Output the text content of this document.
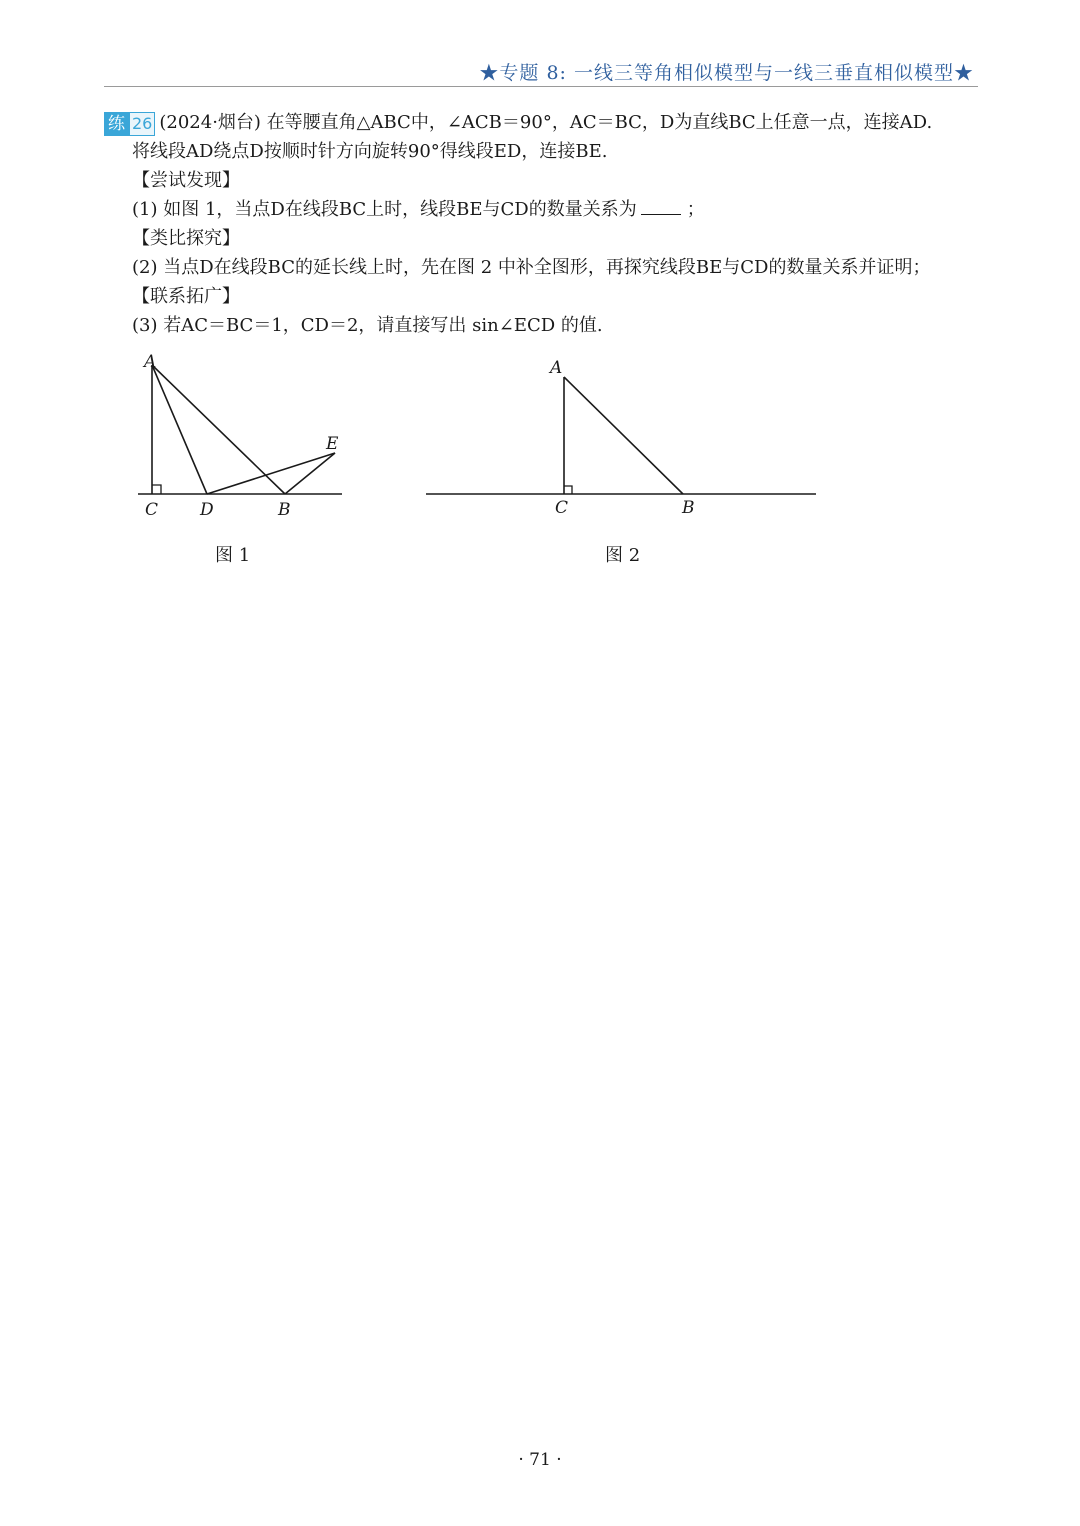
★专题 8: 一线三等角相似模型与一线三垂直相似模型★
练 26 (2024·烟台) 在等腰直角△ABC中，∠ACB＝90°，AC＝BC，D为直线BC上任意一点，连接AD.
将线段AD绕点D按顺时针方向旋转90°得线段ED，连接BE.
【尝试发现】
(1) 如图 1，当点D在线段BC上时，线段BE与CD的数量关系为	；
【类比探究】
(2) 当点D在线段BC的延长线上时，先在图 2 中补全图形，再探究线段BE与CD的数量关系并证明；
【联系拓广】
(3) 若AC＝BC＝1，CD＝2，请直接写出 sin∠ECD 的值.
A
C D	B
E
图 1
A
C	B
图 2
· 71 ·
